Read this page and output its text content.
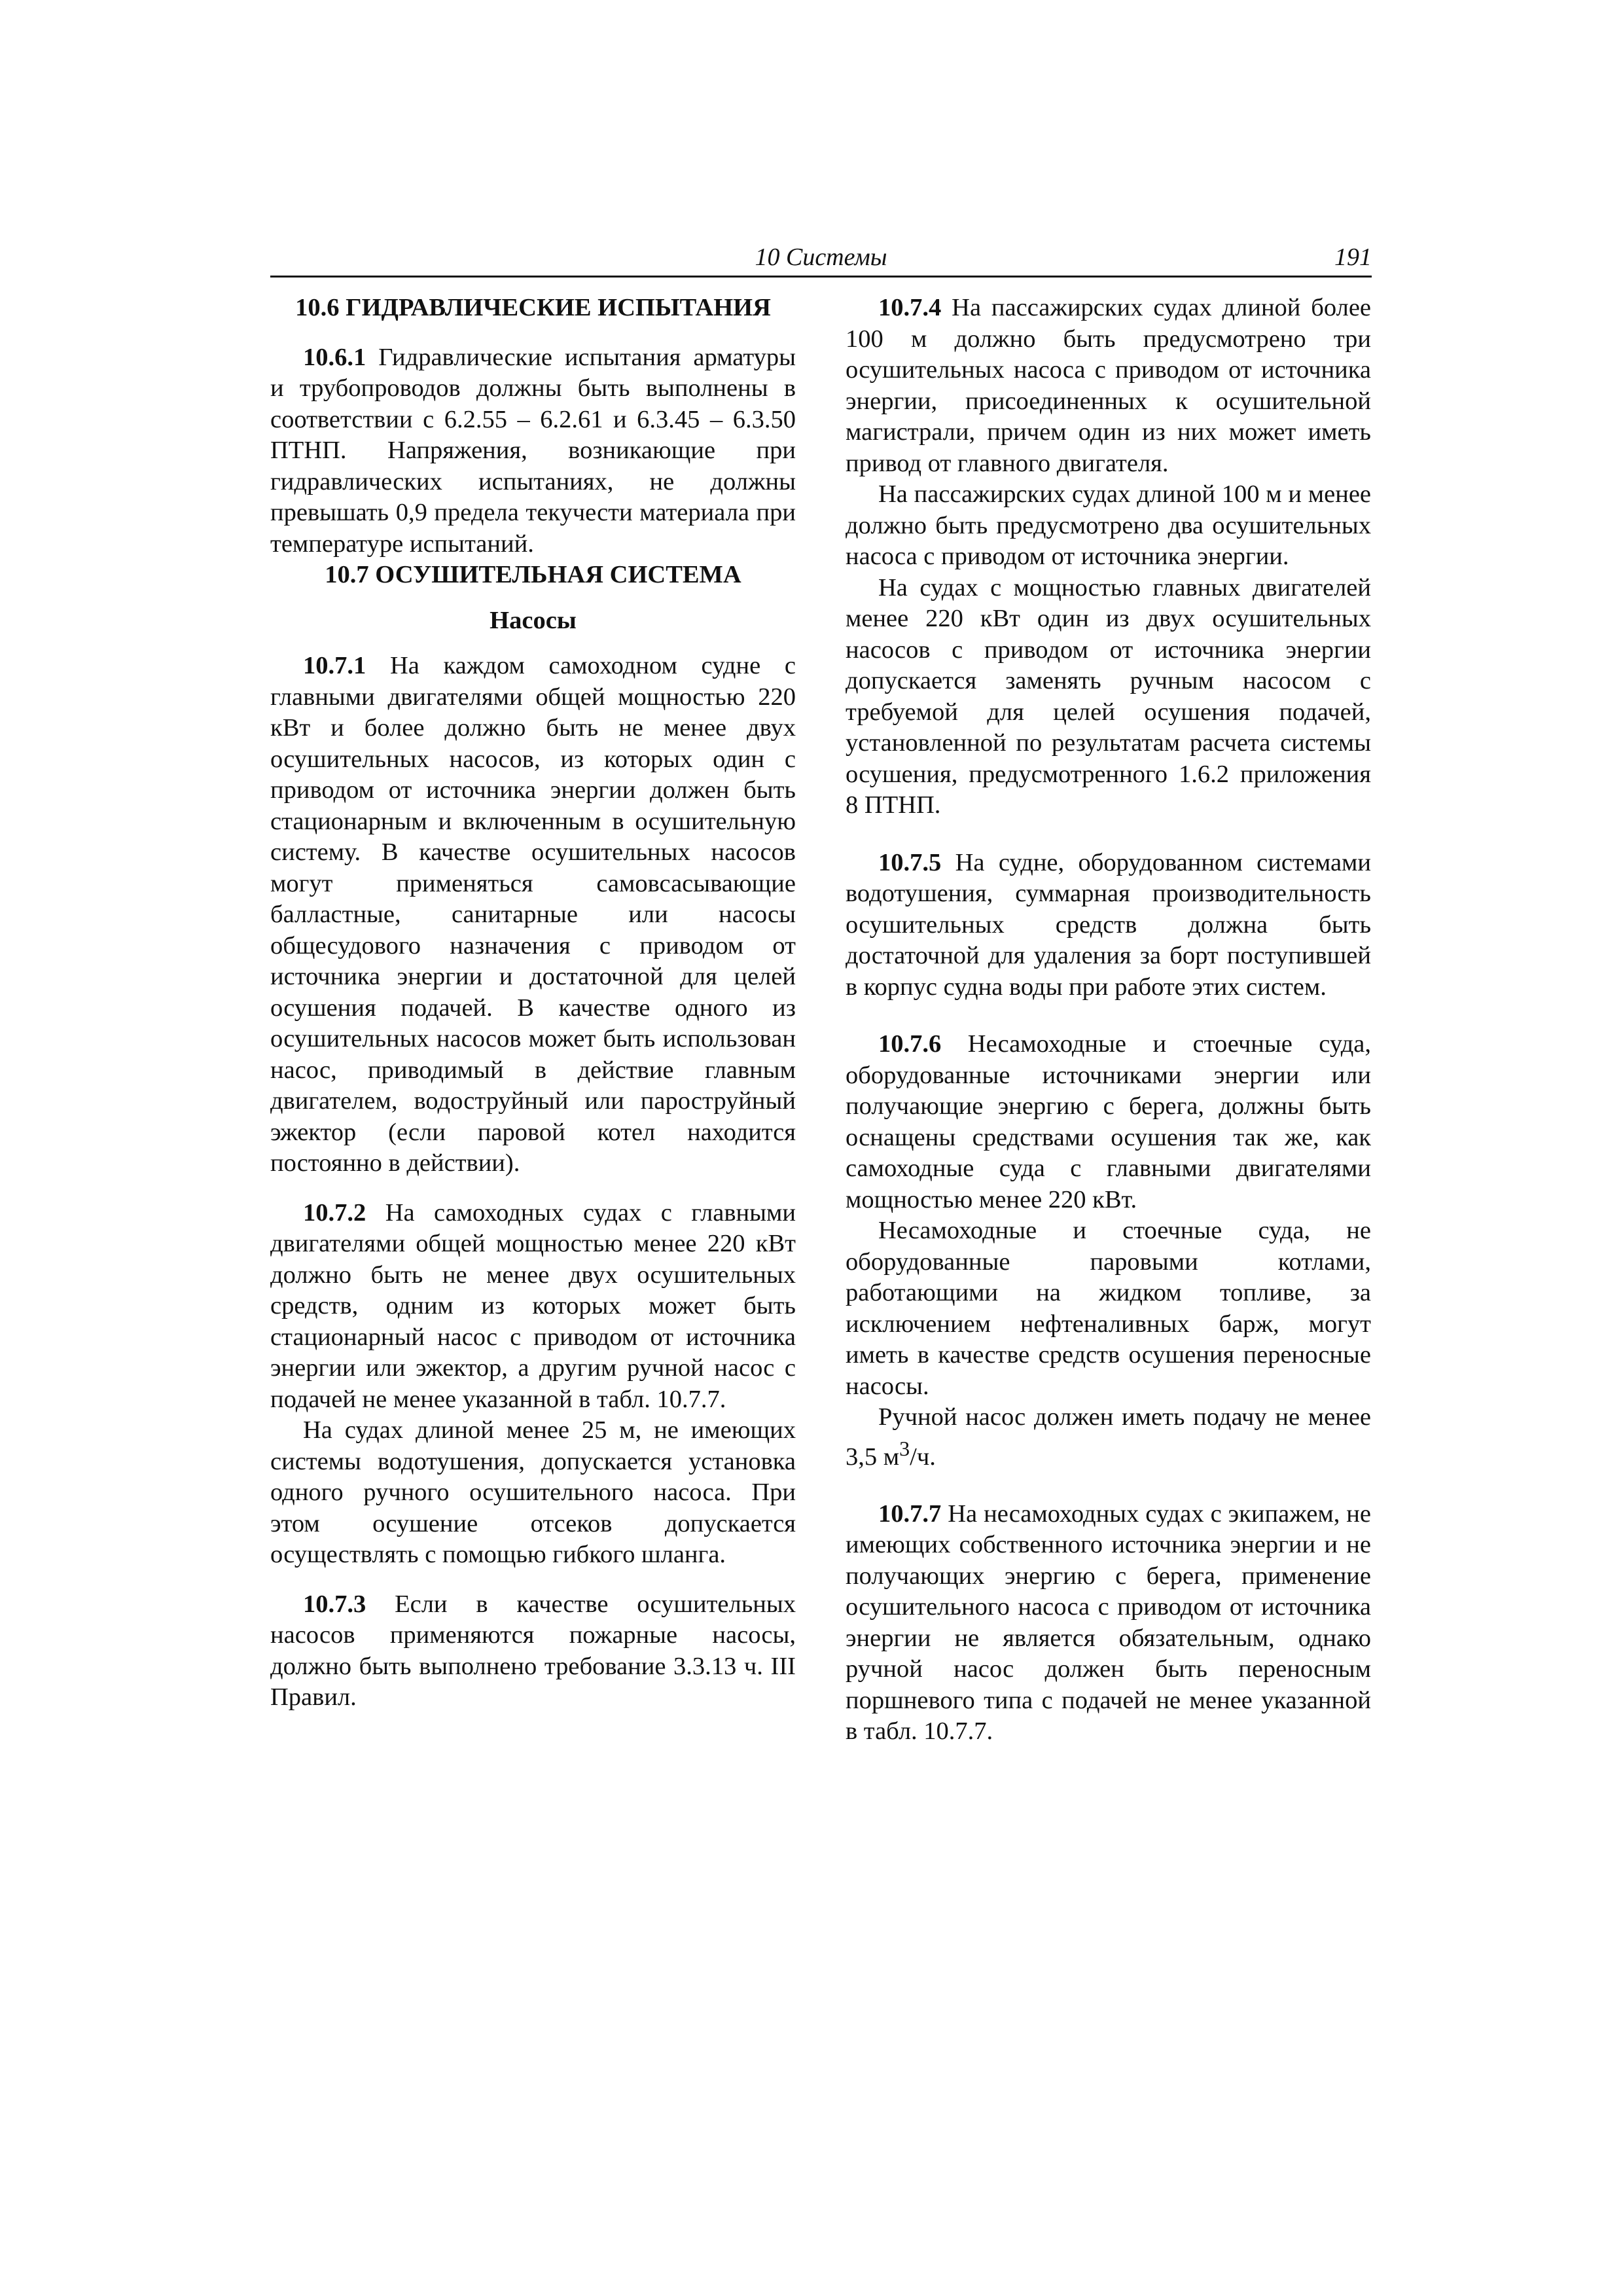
10 Системы	191
10.6 ГИДРАВЛИЧЕСКИЕ ИСПЫТАНИЯ

10.6.1 Гидравлические испытания арматуры и трубопроводов должны быть выполнены в соответствии с 6.2.55 – 6.2.61 и 6.3.45 – 6.3.50 ПТНП. Напряжения, возникающие при гидравлических испытаниях, не должны превышать 0,9 предела текучести материала при температуре испытаний.

10.7 ОСУШИТЕЛЬНАЯ СИСТЕМА
Насосы

10.7.1 На каждом самоходном судне с главными двигателями общей мощностью 220 кВт и более должно быть не менее двух осушительных насосов, из которых один с приводом от источника энергии должен быть стационарным и включенным в осушительную систему. В качестве осушительных насосов могут применяться самовсасывающие балластные, санитарные или насосы общесудового назначения с приводом от источника энергии и достаточной для целей осушения подачей. В качестве одного из осушительных насосов может быть использован насос, приводимый в действие главным двигателем, водоструйный или пароструйный эжектор (если паровой котел находится постоянно в действии).

10.7.2 На самоходных судах с главными двигателями общей мощностью менее 220 кВт должно быть не менее двух осушительных средств, одним из которых может быть стационарный насос с приводом от источника энергии или эжектор, а другим ручной насос с подачей не менее указанной в табл. 10.7.7.

На судах длиной менее 25 м, не имеющих системы водотушения, допускается установка одного ручного осушительного насоса. При этом осушение отсеков допускается осуществлять с помощью гибкого шланга.

10.7.3 Если в качестве осушительных насосов применяются пожарные насосы, должно быть выполнено требование 3.3.13 ч. III Правил.

10.7.4 На пассажирских судах длиной более 100 м должно быть предусмотрено три осушительных насоса с приводом от источника энергии, присоединенных к осушительной магистрали, причем один из них может иметь привод от главного двигателя.

На пассажирских судах длиной 100 м и менее должно быть предусмотрено два осушительных насоса с приводом от источника энергии.

На судах с мощностью главных двигателей менее 220 кВт один из двух осушительных насосов с приводом от источника энергии допускается заменять ручным насосом с требуемой для целей осушения подачей, установленной по результатам расчета системы осушения, предусмотренного 1.6.2 приложения 8 ПТНП.

10.7.5 На судне, оборудованном системами водотушения, суммарная производительность осушительных средств должна быть достаточной для удаления за борт поступившей в корпус судна воды при работе этих систем.

10.7.6 Несамоходные и стоечные суда, оборудованные источниками энергии или получающие энергию с берега, должны быть оснащены средствами осушения так же, как самоходные суда с главными двигателями мощностью менее 220 кВт.

Несамоходные и стоечные суда, не оборудованные паровыми котлами, работающими на жидком топливе, за исключением нефтеналивных барж, могут иметь в качестве средств осушения переносные насосы.

Ручной насос должен иметь подачу не менее 3,5 $м^3/ч$.

10.7.7 На несамоходных судах с экипажем, не имеющих собственного источника энергии и не получающих энергию с берега, применение осушительного насоса с приводом от источника энергии не является обязательным, однако ручной насос должен быть переносным поршневого типа с подачей не менее указанной в табл. 10.7.7.
